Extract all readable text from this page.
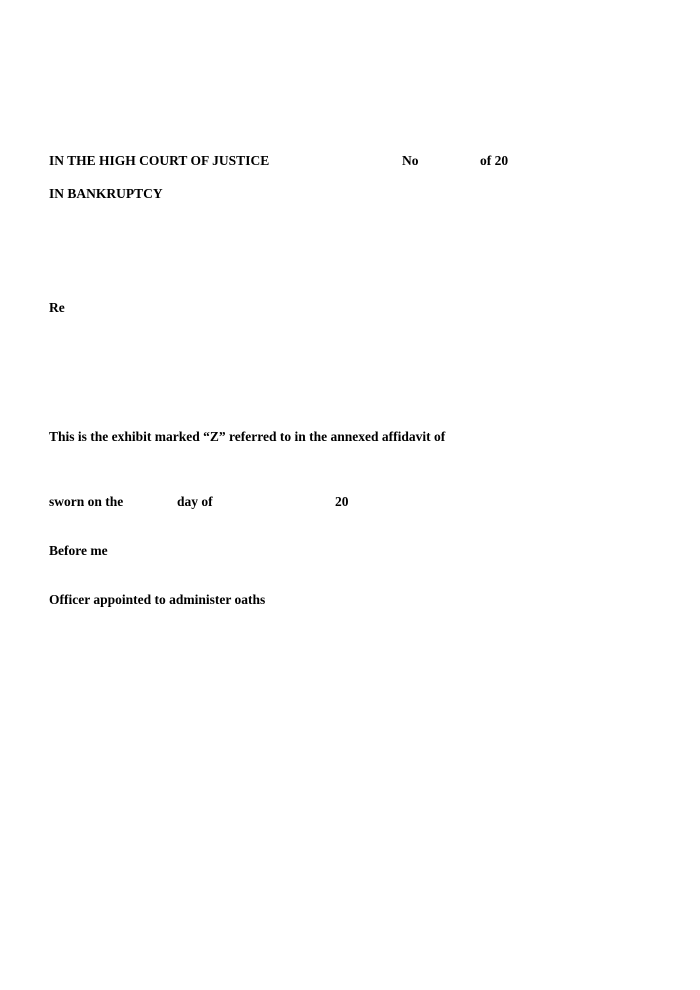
IN THE HIGH COURT OF JUSTICE	No	of 20
IN BANKRUPTCY
Re
This is the exhibit marked “Z” referred to in the annexed affidavit of
sworn on the	day of	20
Before me
Officer appointed to administer oaths
